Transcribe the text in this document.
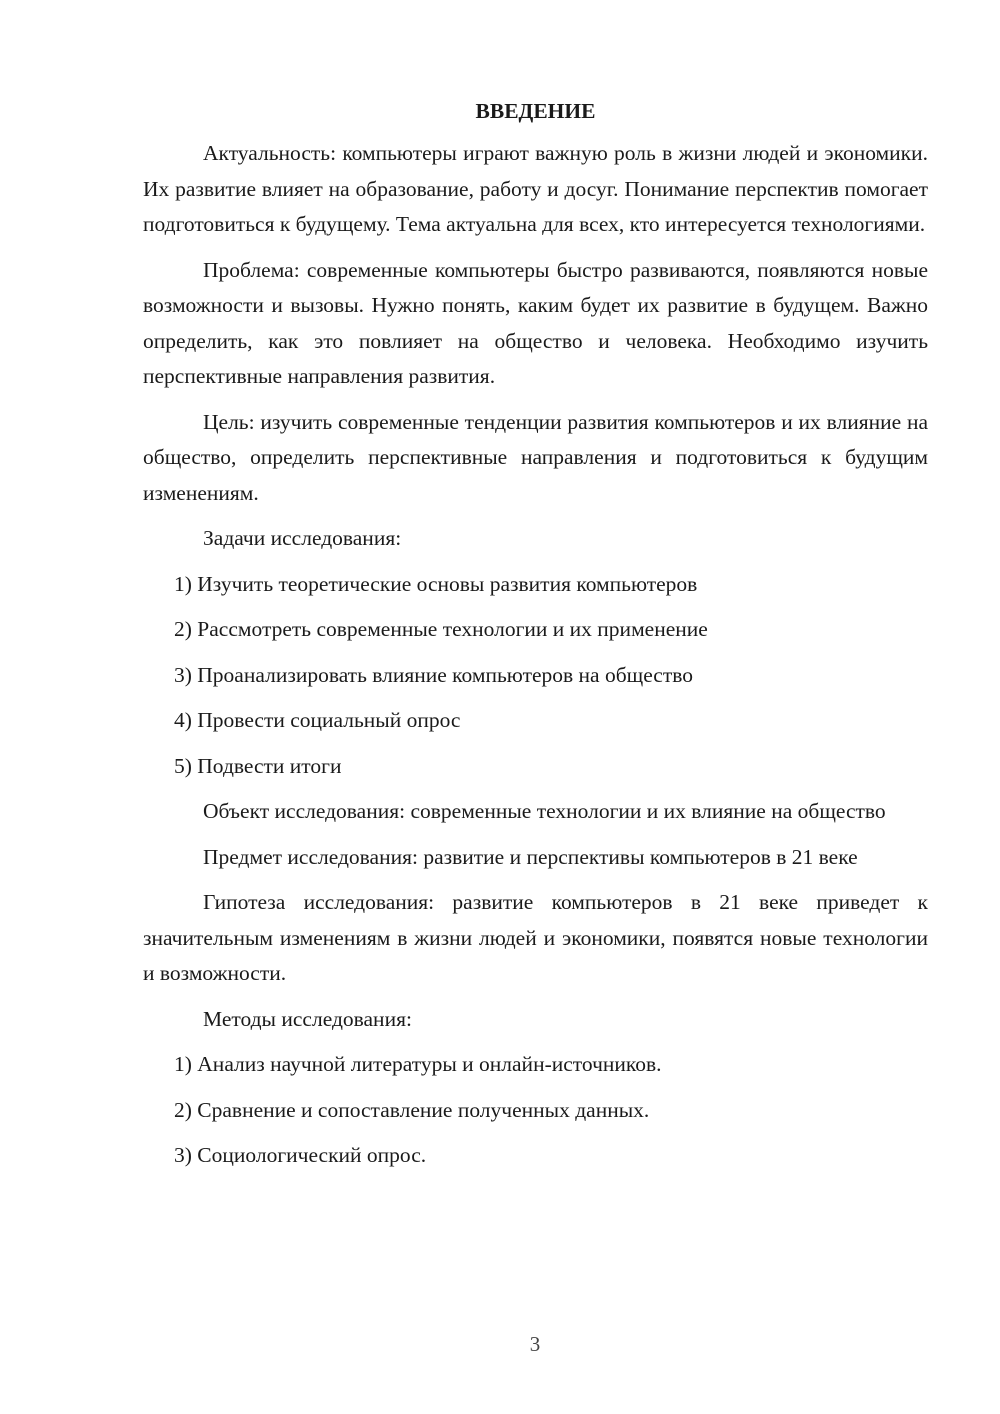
ВВЕДЕНИЕ

Актуальность: компьютеры играют важную роль в жизни людей и экономики. Их развитие влияет на образование, работу и досуг. Понимание перспектив помогает подготовиться к будущему. Тема актуальна для всех, кто интересуется технологиями.

Проблема: современные компьютеры быстро развиваются, появляются новые возможности и вызовы. Нужно понять, каким будет их развитие в будущем. Важно определить, как это повлияет на общество и человека. Необходимо изучить перспективные направления развития.

Цель: изучить современные тенденции развития компьютеров и их влияние на общество, определить перспективные направления и подготовиться к будущим изменениям.

Задачи исследования:

1) Изучить теоретические основы развития компьютеров

2) Рассмотреть современные технологии и их применение

3) Проанализировать влияние компьютеров на общество

4) Провести социальный опрос

5) Подвести итоги

Объект исследования: современные технологии и их влияние на общество

Предмет исследования: развитие и перспективы компьютеров в 21 веке

Гипотеза исследования: развитие компьютеров в 21 веке приведет к значительным изменениям в жизни людей и экономики, появятся новые технологии и возможности.

Методы исследования:

1) Анализ научной литературы и онлайн-источников.

2) Сравнение и сопоставление полученных данных.

3) Социологический опрос.

3
